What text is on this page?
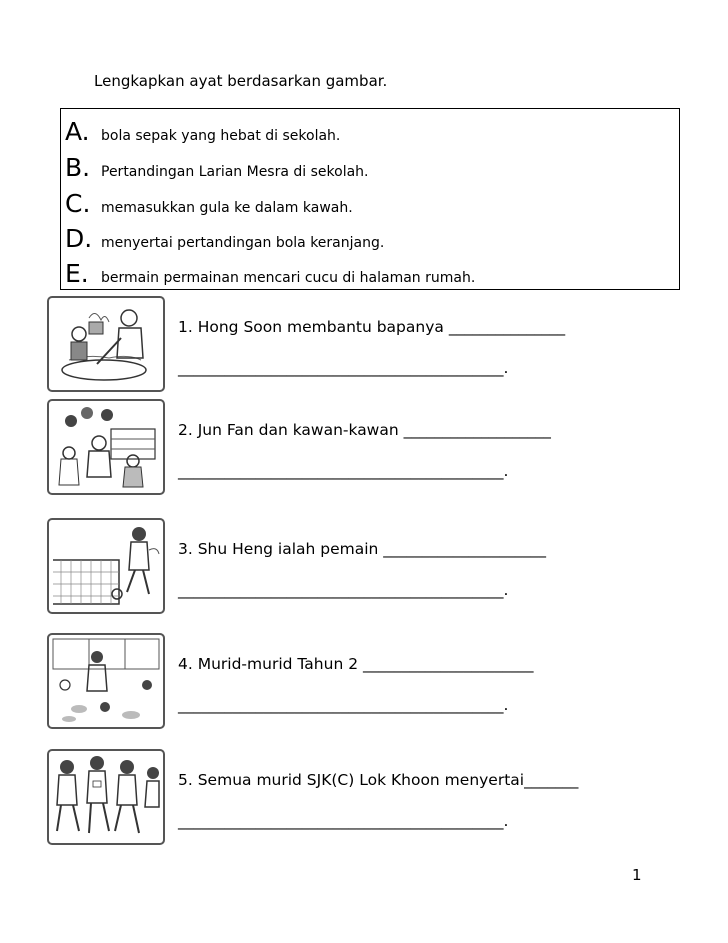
Lengkapkan ayat berdasarkan gambar.
A. bola sepak yang hebat di sekolah.
B. Pertandingan Larian Mesra di sekolah.
C. memasukkan gula ke dalam kawah.
D. menyertai pertandingan bola keranjang.
E. bermain permainan mencari cucu di halaman rumah.
1. Hong Soon membantu bapanya _______________
__________________________________________.
2. Jun Fan dan kawan-kawan ___________________
__________________________________________.
3. Shu Heng ialah pemain _____________________
__________________________________________.
4. Murid-murid Tahun 2 ______________________
__________________________________________.
5. Semua murid SJK(C) Lok Khoon menyertai_______
__________________________________________.
1
